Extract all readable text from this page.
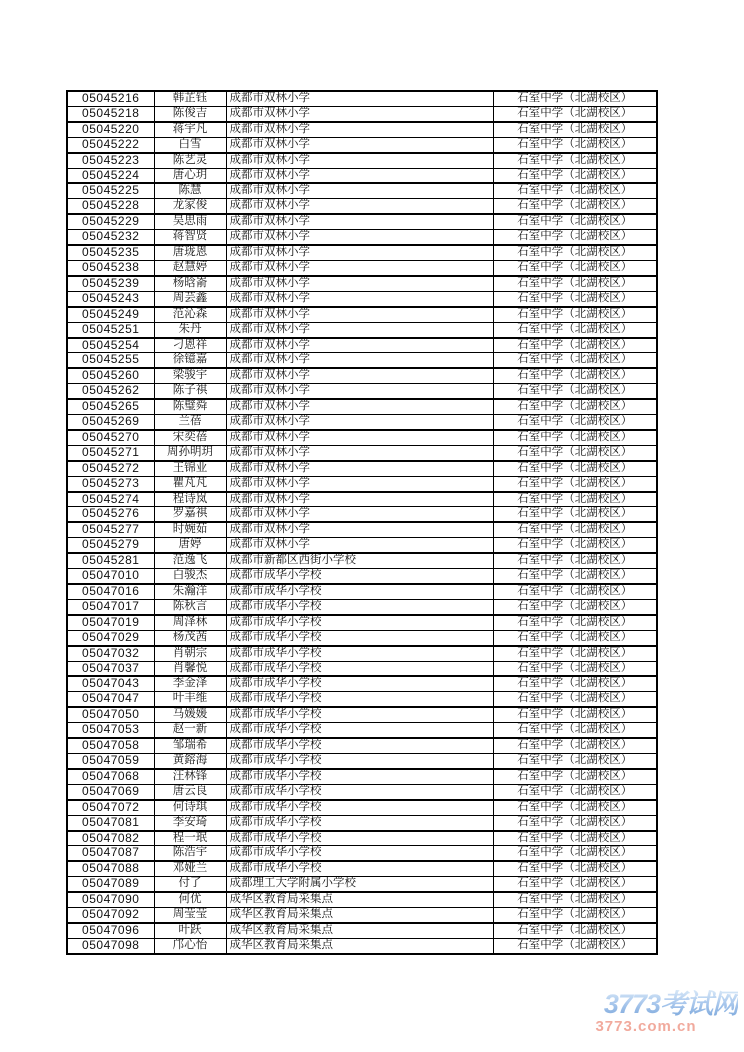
05045216	韩芷钰	成都市双林小学	石室中学（北湖校区）
05045218	陈俊吉	成都市双林小学	石室中学（北湖校区）
05045220	蒋宇凡	成都市双林小学	石室中学（北湖校区）
05045222	白雪	成都市双林小学	石室中学（北湖校区）
05045223	陈艺灵	成都市双林小学	石室中学（北湖校区）
05045224	唐心玥	成都市双林小学	石室中学（北湖校区）
05045225	陈慧	成都市双林小学	石室中学（北湖校区）
05045228	龙家俊	成都市双林小学	石室中学（北湖校区）
05045229	吴思雨	成都市双林小学	石室中学（北湖校区）
05045232	蒋智贤	成都市双林小学	石室中学（北湖校区）
05045235	唐珑恩	成都市双林小学	石室中学（北湖校区）
05045238	赵慧婷	成都市双林小学	石室中学（北湖校区）
05045239	杨晗嵛	成都市双林小学	石室中学（北湖校区）
05045243	周芸鑫	成都市双林小学	石室中学（北湖校区）
05045249	范沁森	成都市双林小学	石室中学（北湖校区）
05045251	朱丹	成都市双林小学	石室中学（北湖校区）
05045254	刁恩祥	成都市双林小学	石室中学（北湖校区）
05045255	徐镱嘉	成都市双林小学	石室中学（北湖校区）
05045260	梁骏宇	成都市双林小学	石室中学（北湖校区）
05045262	陈子祺	成都市双林小学	石室中学（北湖校区）
05045265	陈璧舜	成都市双林小学	石室中学（北湖校区）
05045269	兰蓓	成都市双林小学	石室中学（北湖校区）
05045270	宋奕蓓	成都市双林小学	石室中学（北湖校区）
05045271	周孙明玥	成都市双林小学	石室中学（北湖校区）
05045272	王锦业	成都市双林小学	石室中学（北湖校区）
05045273	瞿芃芃	成都市双林小学	石室中学（北湖校区）
05045274	程诗岚	成都市双林小学	石室中学（北湖校区）
05045276	罗嘉祺	成都市双林小学	石室中学（北湖校区）
05045277	时婉茹	成都市双林小学	石室中学（北湖校区）
05045279	唐婷	成都市双林小学	石室中学（北湖校区）
05045281	范逸飞	成都市新都区西街小学校	石室中学（北湖校区）
05047010	白骏杰	成都市成华小学校	石室中学（北湖校区）
05047016	朱瀚洋	成都市成华小学校	石室中学（北湖校区）
05047017	陈秋言	成都市成华小学校	石室中学（北湖校区）
05047019	周泽林	成都市成华小学校	石室中学（北湖校区）
05047029	杨茂茜	成都市成华小学校	石室中学（北湖校区）
05047032	肖朝宗	成都市成华小学校	石室中学（北湖校区）
05047037	肖馨悦	成都市成华小学校	石室中学（北湖校区）
05047043	李金泽	成都市成华小学校	石室中学（北湖校区）
05047047	叶丰维	成都市成华小学校	石室中学（北湖校区）
05047050	马媛媛	成都市成华小学校	石室中学（北湖校区）
05047053	赵一新	成都市成华小学校	石室中学（北湖校区）
05047058	邹瑞希	成都市成华小学校	石室中学（北湖校区）
05047059	黄鎔海	成都市成华小学校	石室中学（北湖校区）
05047068	汪林锋	成都市成华小学校	石室中学（北湖校区）
05047069	唐云良	成都市成华小学校	石室中学（北湖校区）
05047072	何诗琪	成都市成华小学校	石室中学（北湖校区）
05047081	李安琦	成都市成华小学校	石室中学（北湖校区）
05047082	程一珉	成都市成华小学校	石室中学（北湖校区）
05047087	陈浩宇	成都市成华小学校	石室中学（北湖校区）
05047088	邓娅兰	成都市成华小学校	石室中学（北湖校区）
05047089	付了	成都理工大学附属小学校	石室中学（北湖校区）
05047090	何优	成华区教育局采集点	石室中学（北湖校区）
05047092	周莹莹	成华区教育局采集点	石室中学（北湖校区）
05047096	叶跃	成华区教育局采集点	石室中学（北湖校区）
05047098	邝心怡	成华区教育局采集点	石室中学（北湖校区）
3773考试网
3773.com.cn
